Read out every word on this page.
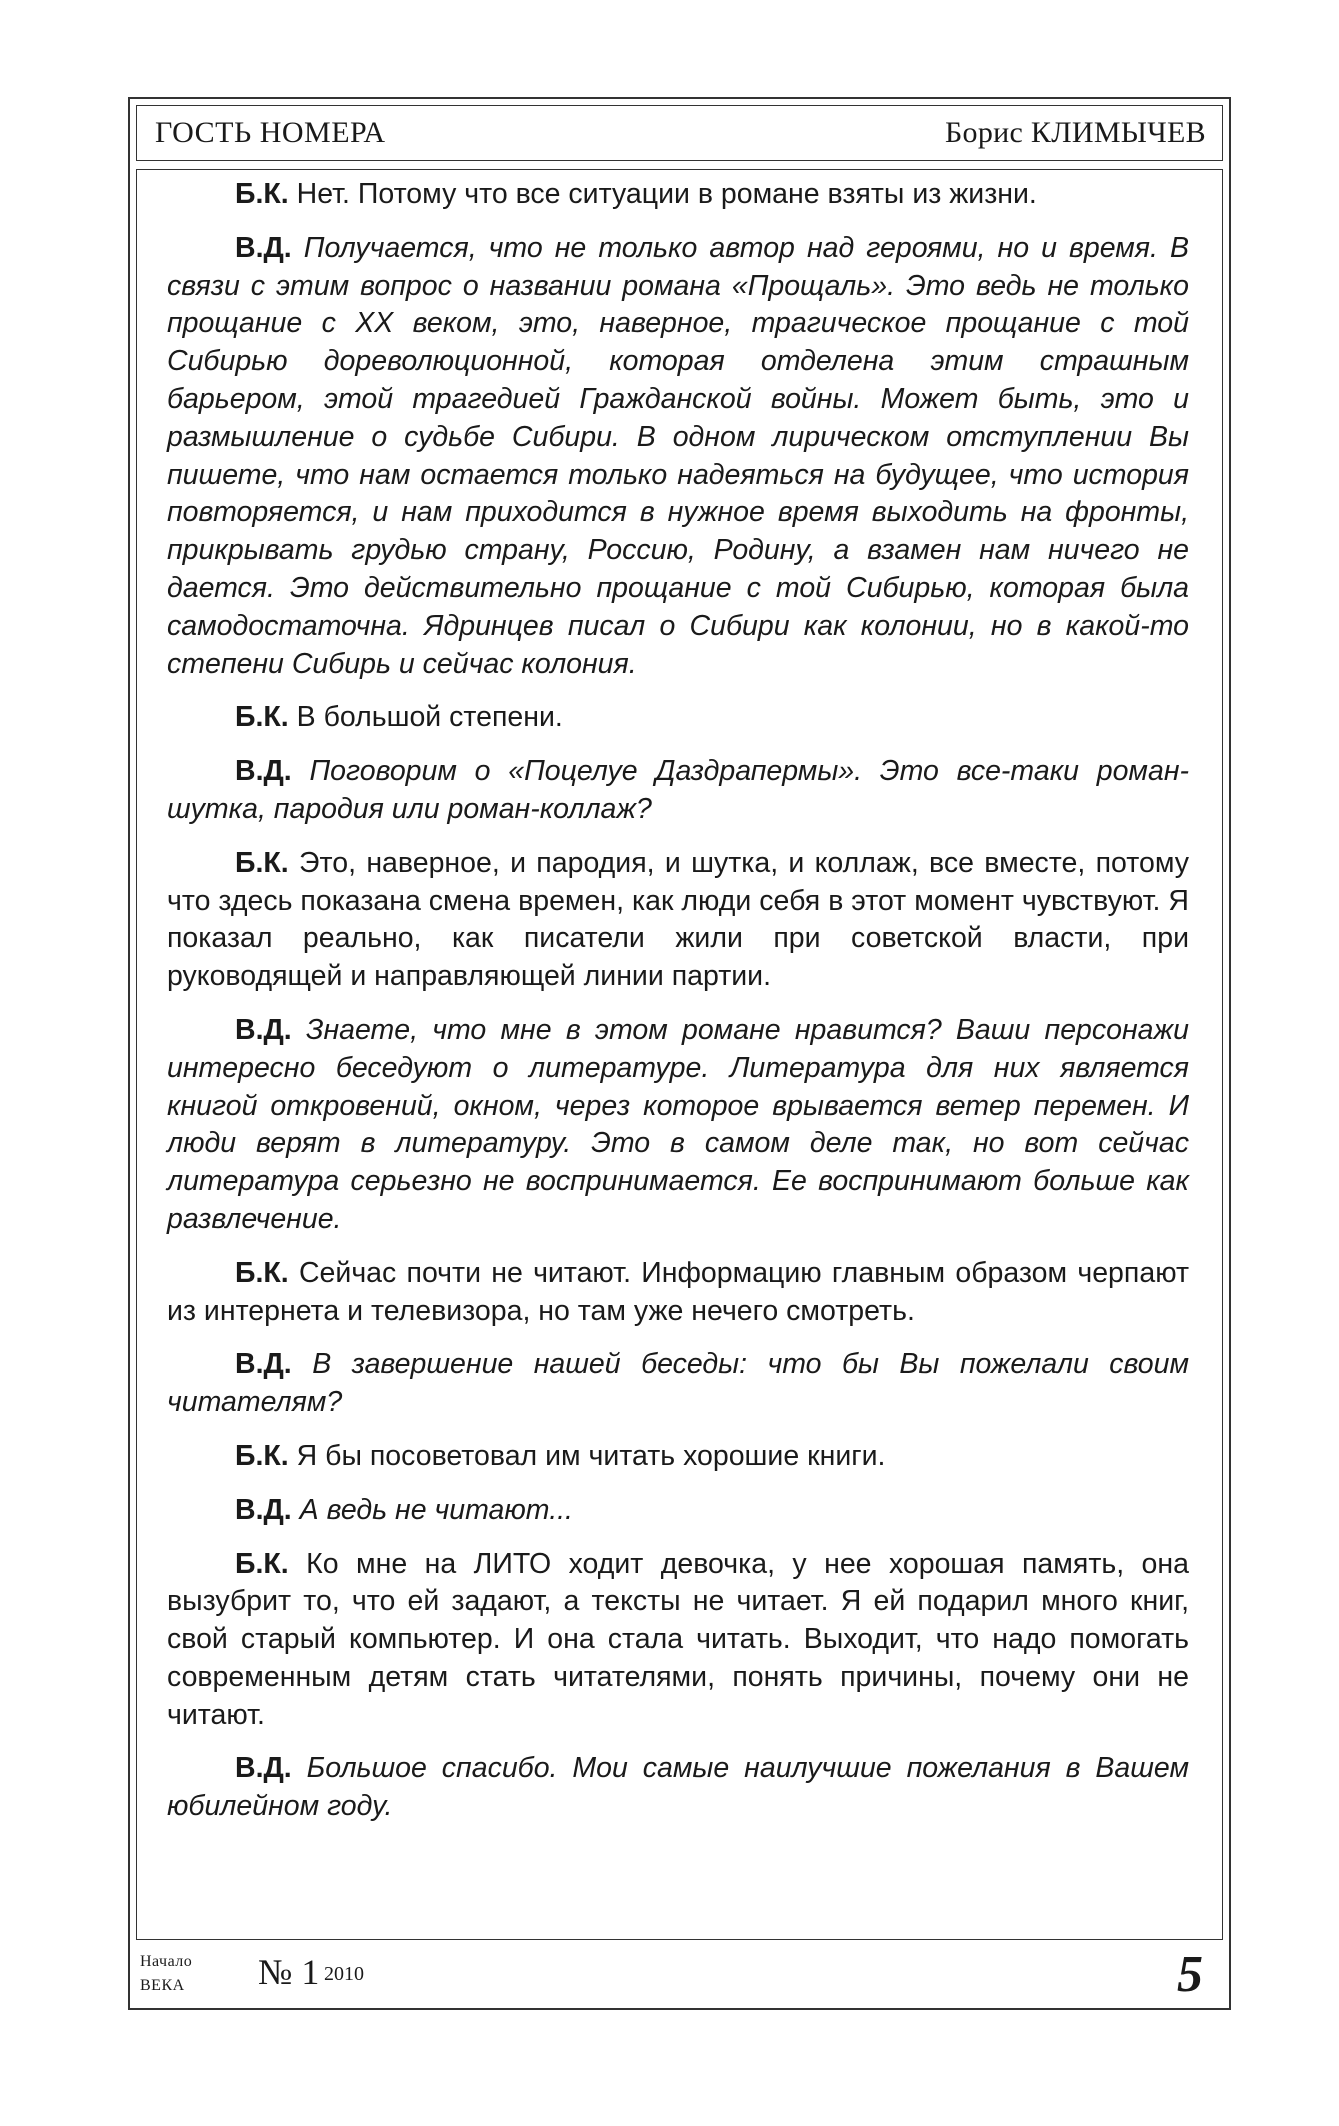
ГОСТЬ НОМЕРА	Борис КЛИМЫЧЕВ

Б.К. Нет. Потому что все ситуации в романе взяты из жизни.

В.Д. Получается, что не только автор над героями, но и время. В связи с этим вопрос о названии романа «Прощаль». Это ведь не только прощание с XX веком, это, наверное, трагическое прощание с той Сибирью дореволюционной, которая отделена этим страшным барьером, этой трагедией Гражданской войны. Может быть, это и размышление о судьбе Сибири. В одном лирическом отступлении Вы пишете, что нам остается только надеяться на будущее, что история повторяется, и нам приходится в нужное время выходить на фронты, прикрывать грудью страну, Россию, Родину, а взамен нам ничего не дается. Это действительно прощание с той Сибирью, которая была самодостаточна. Ядринцев писал о Сибири как колонии, но в какой-то степени Сибирь и сейчас колония.

Б.К. В большой степени.

В.Д. Поговорим о «Поцелуе Даздрапермы». Это все-таки роман-шутка, пародия или роман-коллаж?

Б.К. Это, наверное, и пародия, и шутка, и коллаж, все вместе, потому что здесь показана смена времен, как люди себя в этот момент чувствуют. Я показал реально, как писатели жили при советской власти, при руководящей и направляющей линии партии.

В.Д. Знаете, что мне в этом романе нравится? Ваши персонажи интересно беседуют о литературе. Литература для них является книгой откровений, окном, через которое врывается ветер перемен. И люди верят в литературу. Это в самом деле так, но вот сейчас литература серьезно не воспринимается. Ее воспринимают больше как развлечение.

Б.К. Сейчас почти не читают. Информацию главным образом черпают из интернета и телевизора, но там уже нечего смотреть.

В.Д. В завершение нашей беседы: что бы Вы пожелали своим читателям?

Б.К. Я бы посоветовал им читать хорошие книги.

В.Д. А ведь не читают...

Б.К. Ко мне на ЛИТО ходит девочка, у нее хорошая память, она вызубрит то, что ей задают, а тексты не читает. Я ей подарил много книг, свой старый компьютер. И она стала читать. Выходит, что надо помогать современным детям стать читателями, понять причины, почему они не читают.

В.Д. Большое спасибо. Мои самые наилучшие пожелания в Вашем юбилейном году.

Начало
ВЕКА № 1 2010	5
